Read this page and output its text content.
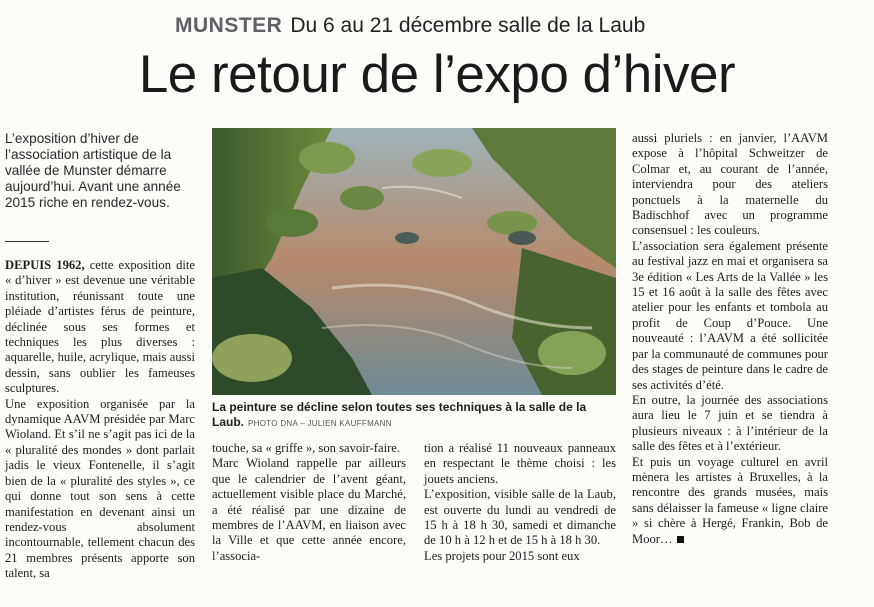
MUNSTER Du 6 au 21 décembre salle de la Laub
Le retour de l’expo d’hiver
L’exposition d’hiver de l’association artistique de la vallée de Munster démarre aujourd’hui. Avant une année 2015 riche en rendez-vous.

DEPUIS 1962, cette exposition dite « d’hiver » est devenue une véritable institution, réunissant toute une pléiade d’artistes férus de peinture, déclinée sous ses formes et techniques les plus diverses : aquarelle, huile, acrylique, mais aussi dessin, sans oublier les fameuses sculptures.

Une exposition organisée par la dynamique AAVM présidée par Marc Wioland. Et s’il ne s’agit pas ici de la « pluralité des mondes » dont parlait jadis le vieux Fontenelle, il s’agit bien de la « pluralité des styles », ce qui donne tout son sens à cette manifestation en devenant ainsi un rendez-vous absolument incontournable, tellement chacun des 21 membres présents apporte son talent, sa

La peinture se décline selon toutes ses techniques à la salle de la Laub. PHOTO DNA – JULIEN KAUFFMANN

touche, sa « griffe », son savoir-faire.

Marc Wioland rappelle par ailleurs que le calendrier de l’avent géant, actuellement visible place du Marché, a été réalisé par une dizaine de membres de l’AAVM, en liaison avec la Ville et que cette année encore, l’associa-

tion a réalisé 11 nouveaux panneaux en respectant le thème choisi : les jouets anciens.

L’exposition, visible salle de la Laub, est ouverte du lundi au vendredi de 15 h à 18 h 30, samedi et dimanche de 10 h à 12 h et de 15 h à 18 h 30.

Les projets pour 2015 sont eux

aussi pluriels : en janvier, l’AAVM expose à l’hôpital Schweitzer de Colmar et, au courant de l’année, interviendra pour des ateliers ponctuels à la maternelle du Badischhof avec un programme consensuel : les couleurs.

L’association sera également présente au festival jazz en mai et organisera sa 3e édition « Les Arts de la Vallée » les 15 et 16 août à la salle des fêtes avec atelier pour les enfants et tombola au profit de Coup d’Pouce. Une nouveauté : l’AAVM a été sollicitée par la communauté de communes pour des stages de peinture dans le cadre de ses activités d’été.

En outre, la journée des associations aura lieu le 7 juin et se tiendra à plusieurs niveaux : à l’intérieur de la salle des fêtes et à l’extérieur.

Et puis un voyage culturel en avril mènera les artistes à Bruxelles, à la rencontre des grands musées, mais sans délaisser la fameuse « ligne claire » si chère à Hergé, Frankin, Bob de Moor…
